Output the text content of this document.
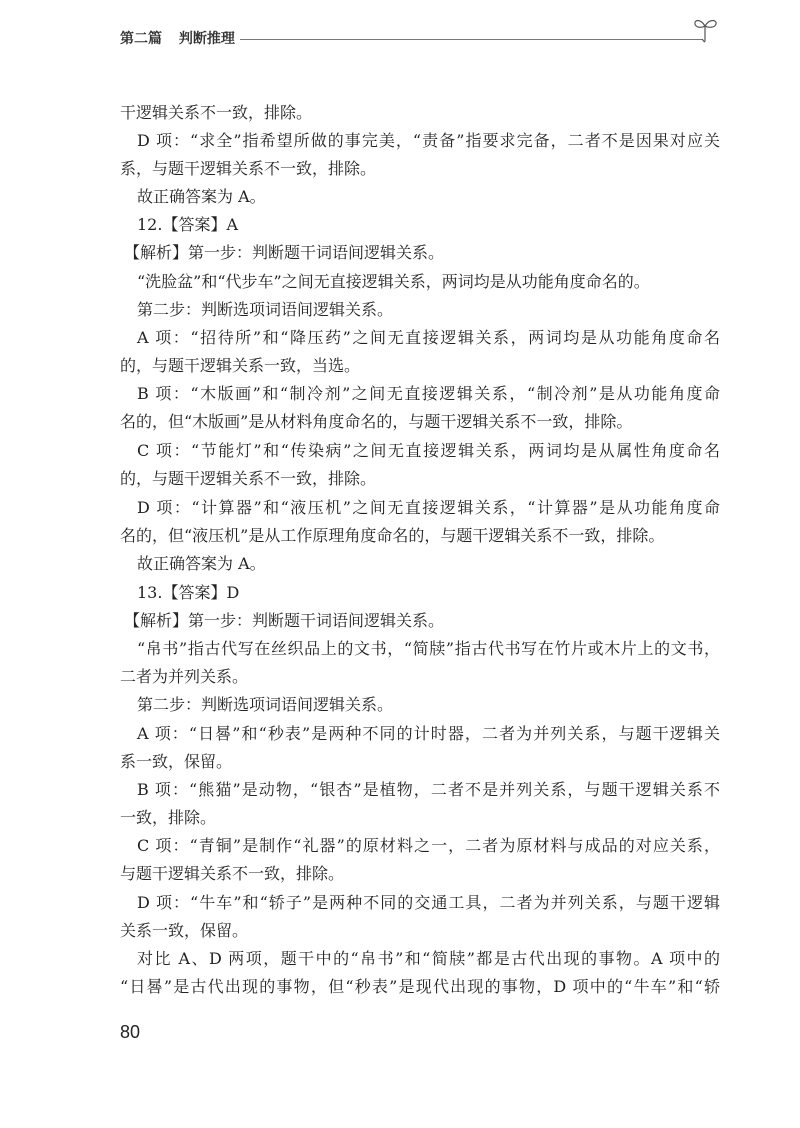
第二篇 判断推理
干逻辑关系不一致，排除。
D 项：“求全”指希望所做的事完美，“责备”指要求完备，二者不是因果对应关
系，与题干逻辑关系不一致，排除。
故正确答案为 A。
12.【答案】A
【解析】第一步：判断题干词语间逻辑关系。
“洗脸盆”和“代步车”之间无直接逻辑关系，两词均是从功能角度命名的。
第二步：判断选项词语间逻辑关系。
A 项：“招待所”和“降压药”之间无直接逻辑关系，两词均是从功能角度命名
的，与题干逻辑关系一致，当选。
B 项：“木版画”和“制冷剂”之间无直接逻辑关系，“制冷剂”是从功能角度命
名的，但“木版画”是从材料角度命名的，与题干逻辑关系不一致，排除。
C 项：“节能灯”和“传染病”之间无直接逻辑关系，两词均是从属性角度命名
的，与题干逻辑关系不一致，排除。
D 项：“计算器”和“液压机”之间无直接逻辑关系，“计算器”是从功能角度命
名的，但“液压机”是从工作原理角度命名的，与题干逻辑关系不一致，排除。
故正确答案为 A。
13.【答案】D
【解析】第一步：判断题干词语间逻辑关系。
“帛书”指古代写在丝织品上的文书，“简牍”指古代书写在竹片或木片上的文书，
二者为并列关系。
第二步：判断选项词语间逻辑关系。
A 项：“日晷”和“秒表”是两种不同的计时器，二者为并列关系，与题干逻辑关
系一致，保留。
B 项：“熊猫”是动物，“银杏”是植物，二者不是并列关系，与题干逻辑关系不
一致，排除。
C 项：“青铜”是制作“礼器”的原材料之一，二者为原材料与成品的对应关系，
与题干逻辑关系不一致，排除。
D 项：“牛车”和“轿子”是两种不同的交通工具，二者为并列关系，与题干逻辑
关系一致，保留。
对比 A、D 两项，题干中的“帛书”和“简牍”都是古代出现的事物。A 项中的
“日晷”是古代出现的事物，但“秒表”是现代出现的事物，D 项中的“牛车”和“轿
80
